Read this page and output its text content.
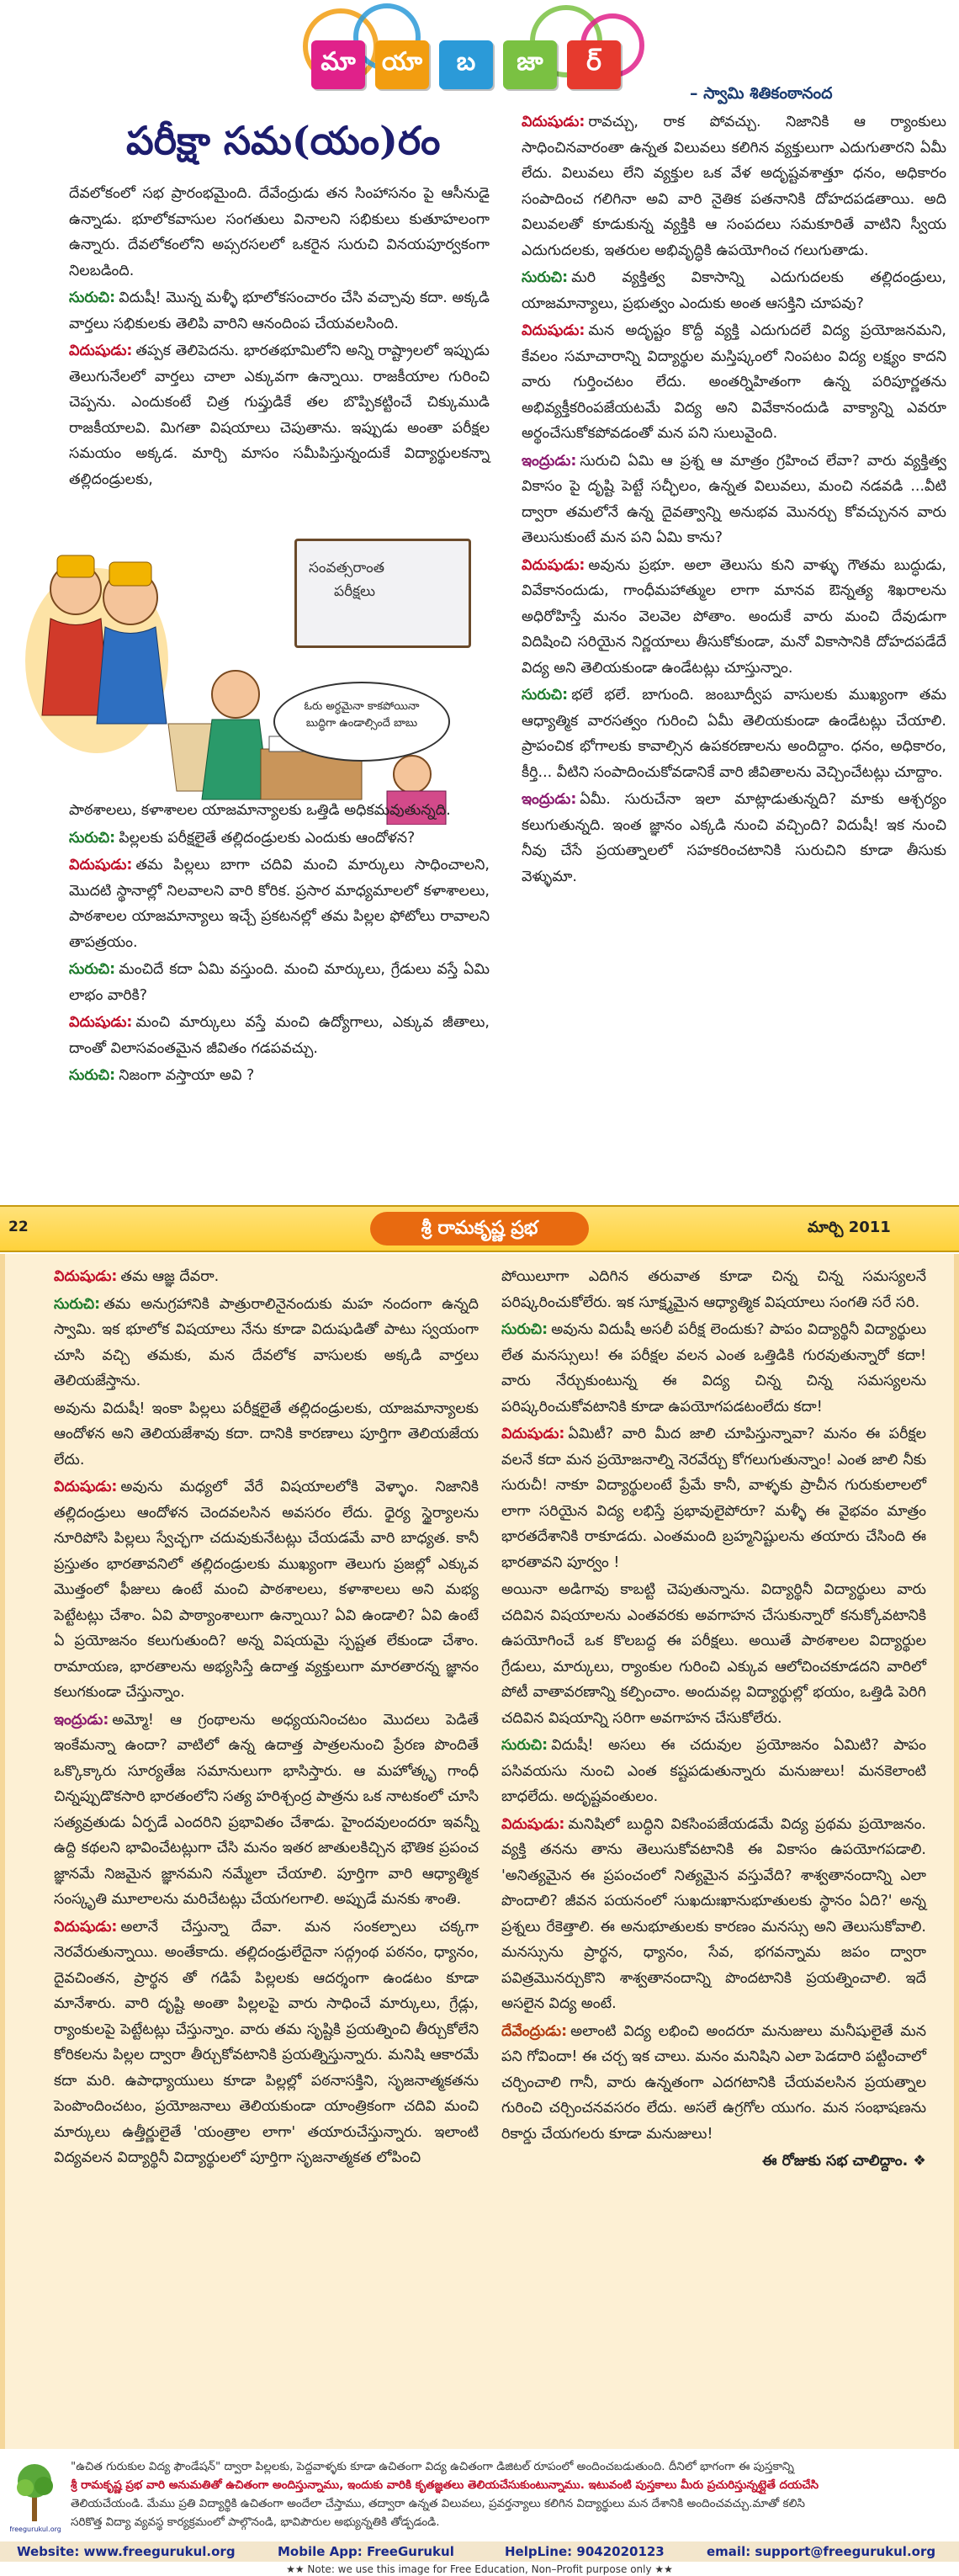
మా	యా	బ	జా	ర్
– స్వామి శితికంఠానంద
పరీక్షా సమ(యం)రం

దేవలోకంలో సభ ప్రారంభమైంది. దేవేంద్రుడు తన సింహాసనం పై ఆసీనుడై ఉన్నాడు. భూలోకవాసుల సంగతులు వినాలని సభికులు కుతూహలంగా ఉన్నారు. దేవలోకంలోని అప్సరసలలో ఒకరైన సురుచి వినయపూర్వకంగా నిలబడింది.

సురుచి: విదుషీ! మొన్న మళ్ళీ భూలోకసంచారం చేసి వచ్చావు కదా. అక్కడి వార్తలు సభికులకు తెలిపి వారిని ఆనందింప చేయవలసింది.

విదుషుడు: తప్పక తెలిపెదను. భారతభూమిలోని అన్ని రాష్ట్రాలలో ఇప్పుడు తెలుగునేలలో వార్తలు చాలా ఎక్కువగా ఉన్నాయి. రాజకీయాల గురించి చెప్పను. ఎందుకంటే చిత్ర గుప్తుడికే తల బొప్పికట్టించే చిక్కుముడి రాజకీయాలవి. మిగతా విషయాలు చెపుతాను. ఇప్పుడు అంతా పరీక్షల సమయం అక్కడ. మార్చి మాసం సమీపిస్తున్నందుకే విద్యార్థులకన్నా తల్లిదండ్రులకు,

సంవత్సరాంత
పరీక్షలు
ఓరు అర్ధమైనా కాకపోయినా బుద్ధిగా ఉండాల్సిందే బాబు

పాఠశాలలు, కళాశాలల యాజమాన్యాలకు ఒత్తిడి అధికమవుతున్నది.

సురుచి: పిల్లలకు పరీక్షలైతే తల్లిదండ్రులకు ఎందుకు ఆందోళన?

విదుషుడు: తమ పిల్లలు బాగా చదివి మంచి మార్కులు సాధించాలని, మొదటి స్థానాల్లో నిలవాలని వారి కోరిక. ప్రసార మాధ్యమాలలో కళాశాలలు, పాఠశాలల యాజమాన్యాలు ఇచ్చే ప్రకటనల్లో తమ పిల్లల ఫోటోలు రావాలని తాపత్రయం.

సురుచి: మంచిదే కదా ఏమి వస్తుంది. మంచి మార్కులు, గ్రేడులు వస్తే ఏమి లాభం వారికి?

విదుషుడు: మంచి మార్కులు వస్తే మంచి ఉద్యోగాలు, ఎక్కువ జీతాలు, దాంతో విలాసవంతమైన జీవితం గడపవచ్చు.

సురుచి: నిజంగా వస్తాయా అవి ?

విదుషుడు: రావచ్చు, రాక పోవచ్చు. నిజానికి ఆ ర్యాంకులు సాధించినవారంతా ఉన్నత విలువలు కలిగిన వ్యక్తులుగా ఎదుగుతారని ఏమీ లేదు. విలువలు లేని వ్యక్తుల ఒక వేళ అదృష్టవశాత్తూ ధనం, అధికారం సంపాదించ గలిగినా అవి వారి నైతిక పతనానికి దోహదపడతాయి. అది విలువలతో కూడుకున్న వ్యక్తికి ఆ సంపదలు సమకూరితే వాటిని స్వీయ ఎదుగుదలకు, ఇతరుల అభివృద్ధికి ఉపయోగించ గలుగుతాడు.

సురుచి: మరి వ్యక్తిత్వ వికాసాన్ని ఎదుగుదలకు తల్లిదండ్రులు, యాజమాన్యాలు, ప్రభుత్వం ఎందుకు అంత ఆసక్తిని చూపవు?

విదుషుడు: మన అదృష్టం కొద్దీ వ్యక్తి ఎదుగుదలే విద్య ప్రయోజనమని, కేవలం సమాచారాన్ని విద్యార్థుల మస్తిష్కంలో నింపటం విద్య లక్ష్యం కాదని వారు గుర్తించటం లేదు. అంతర్నిహితంగా ఉన్న పరిపూర్ణతను అభివ్యక్తీకరింపజేయటమే విద్య అని వివేకానందుడి వాక్యాన్ని ఎవరూ అర్థంచేసుకోకపోవడంతో మన పని సులువైంది.

ఇంద్రుడు: సురుచి ఏమి ఆ ప్రశ్న ఆ మాత్రం గ్రహించ లేవా? వారు వ్యక్తిత్వ వికాసం పై దృష్టి పెట్టే సచ్ఛీలం, ఉన్నత విలువలు, మంచి నడవడి ...వీటి ద్వారా తమలోనే ఉన్న దైవత్వాన్ని అనుభవ మొనర్చు కోవచ్చునన వారు తెలుసుకుంటే మన పని ఏమి కాను?

విదుషుడు: అవును ప్రభూ. అలా తెలుసు కుని వాళ్ళు గౌతమ బుద్ధుడు, వివేకానందుడు, గాంధీమహాత్ముల లాగా మానవ ఔన్నత్య శిఖరాలను అధిరోహిస్తే మనం వెలవెల పోతాం. అందుకే వారు మంచి దేవుడుగా విదిషించి సరియైన నిర్ణయాలు తీసుకోకుండా, మనో వికాసానికి దోహదపడేదే విద్య అని తెలియకుండా ఉండేటట్లు చూస్తున్నాం.

సురుచి: భలే భలే. బాగుంది. జంబూద్వీప వాసులకు ముఖ్యంగా తమ ఆధ్యాత్మిక వారసత్వం గురించి ఏమీ తెలియకుండా ఉండేటట్లు చేయాలి. ప్రాపంచిక భోగాలకు కావాల్సిన ఉపకరణాలను అందిద్దాం. ధనం, అధికారం, కీర్తి... వీటిని సంపాదించుకోవడానికే వారి జీవితాలను వెచ్చించేటట్లు చూద్దాం.

ఇంద్రుడు: ఏమీ. సురుచేనా ఇలా మాట్లాడుతున్నది? మాకు ఆశ్చర్యం కలుగుతున్నది. ఇంత జ్ఞానం ఎక్కడి నుంచి వచ్చింది? విదుషీ! ఇక నుంచి నీవు చేసే ప్రయత్నాలలో సహకరించటానికి సురుచిని కూడా తీసుకు వెళ్ళుమా.

22	శ్రీ రామకృష్ణ ప్రభ	మార్చి 2011

విదుషుడు: తమ ఆజ్ఞ దేవరా.

సురుచి: తమ అనుగ్రహానికి పాత్రురాలినైనందుకు మహ నందంగా ఉన్నది స్వామి. ఇక భూలోక విషయాలు నేను కూడా విదుషుడితో పాటు స్వయంగా చూసి వచ్చి తమకు, మన దేవలోక వాసులకు అక్కడి వార్తలు తెలియజేస్తాను.

అవును విదుషీ! ఇంకా పిల్లలు పరీక్షలైతే తల్లిదండ్రులకు, యాజమాన్యాలకు ఆందోళన అని తెలియజేశావు కదా. దానికి కారణాలు పూర్తిగా తెలియజేయ లేదు.

విదుషుడు: అవును మధ్యలో వేరే విషయాలలోకి వెళ్ళాం. నిజానికి తల్లిదండ్రులు ఆందోళన చెందవలసిన అవసరం లేదు. ధైర్య స్థైర్యాలను నూరిపోసి పిల్లలు స్వేచ్ఛగా చదువుకునేటట్లు చేయడమే వారి బాధ్యత. కానీ ప్రస్తుతం భారతావనిలో తల్లిదండ్రులకు ముఖ్యంగా తెలుగు ప్రజల్లో ఎక్కువ మొత్తంలో ఫీజులు ఉంటే మంచి పాఠశాలలు, కళాశాలలు అని మభ్య పెట్టేటట్లు చేశాం. ఏవి పాఠ్యాంశాలుగా ఉన్నాయి? ఏవి ఉండాలి? ఏవి ఉంటే ఏ ప్రయోజనం కలుగుతుంది? అన్న విషయమై స్పష్టత లేకుండా చేశాం. రామాయణ, భారతాలను అభ్యసిస్తే ఉదాత్త వ్యక్తులుగా మారతారన్న జ్ఞానం కలుగకుండా చేస్తున్నాం.

ఇంద్రుడు: అమ్మో! ఆ గ్రంథాలను అధ్యయనించటం మొదలు పెడితే ఇంకేమన్నా ఉందా? వాటిలో ఉన్న ఉదాత్త పాత్రలనుంచి ప్రేరణ పొందితే ఒక్కొక్కారు సూర్యతేజ సమానులుగా భాసిస్తారు. ఆ మహోత్కృ గాంధీ చిన్నప్పుడొకసారి భారతంలోని సత్య హరిశ్చంద్ర పాత్రను ఒక నాటకంలో చూసి సత్యవ్రతుడు ఏర్పడే ఎందరిని ప్రభావితం చేశాడు. హైందవులందరూ ఇవన్నీ ఉద్ది కథలని భావించేటట్లుగా చేసి మనం ఇతర జాతులకిచ్చిన భౌతిక ప్రపంచ జ్ఞానమే నిజమైన జ్ఞానమని నమ్మేలా చేయాలి. పూర్తిగా వారి ఆధ్యాత్మిక సంస్కృతి మూలాలను మరిచేటట్లు చేయగలగాలి. అప్పుడే మనకు శాంతి.

విదుషుడు: అలానే చేస్తున్నా దేవా. మన సంకల్పాలు చక్కగా నెరవేరుతున్నాయి. అంతేకాదు. తల్లిదండ్రులేదైనా సద్గ్రంథ పఠనం, ధ్యానం, దైవచింతన, ప్రార్థన తో గడిపే పిల్లలకు ఆదర్శంగా ఉండటం కూడా మానేశారు. వారి దృష్టి అంతా పిల్లలపై వారు సాధించే మార్కులు, గ్రేడ్లు, ర్యాంకులపై పెట్టేటట్లు చేస్తున్నాం. వారు తమ సృష్టికి ప్రయత్నించి తీర్చుకోలేని కోరికలను పిల్లల ద్వారా తీర్చుకోవటానికి ప్రయత్నిస్తున్నారు. మనిషి ఆకారమే కదా మరి. ఉపాధ్యాయులు కూడా పిల్లల్లో పఠనాసక్తిని, సృజనాత్మకతను పెంపొందించటం, ప్రయోజనాలు తెలియకుండా యాంత్రికంగా చదివి మంచి మార్కులు ఉత్తీర్ణులైతే 'యంత్రాల లాగా' తయారుచేస్తున్నారు. ఇలాంటి విద్యవలన విద్యార్థినీ విద్యార్థులలో పూర్తిగా సృజనాత్మకత లోపించి

పోయిలూగా ఎదిగిన తరువాత కూడా చిన్న చిన్న సమస్యలనే పరిష్కరించుకోలేరు. ఇక సూక్ష్మమైన ఆధ్యాత్మిక విషయాలు సంగతి సరే సరి.

సురుచి: అవును విదుషీ అసలీ పరీక్ష లెందుకు? పాపం విద్యార్థినీ విద్యార్థులు లేత మనస్సులు! ఈ పరీక్షల వలన ఎంత ఒత్తిడికి గురవుతున్నారో కదా! వారు నేర్చుకుంటున్న ఈ విద్య చిన్న చిన్న సమస్యలను పరిష్కరించుకోవటానికి కూడా ఉపయోగపడటంలేదు కదా!

విదుషుడు: ఏమిటీ? వారి మీద జాలి చూపిస్తున్నావా? మనం ఈ పరీక్షల వలనే కదా మన ప్రయోజనాల్ని నెరవేర్చు కోగలుగుతున్నాం! ఎంత జాలి నీకు సురుచీ! నాకూ విద్యార్థులంటే ప్రేమే కానీ, వాళ్ళకు ప్రాచీన గురుకులాలలో లాగా సరియైన విద్య లభిస్తే ప్రభావులైపోరూ? మళ్ళీ ఈ వైభవం మాత్రం భారతదేశానికి రాకూడదు. ఎంతమంది బ్రహ్మనిష్టులను తయారు చేసింది ఈ భారతావని పూర్వం !

అయినా అడిగావు కాబట్టి చెపుతున్నాను. విద్యార్థినీ విద్యార్థులు వారు చదివిన విషయాలను ఎంతవరకు అవగాహన చేసుకున్నారో కనుక్కోవటానికి ఉపయోగించే ఒక కొలబద్ద ఈ పరీక్షలు. అయితే పాఠశాలల విద్యార్థుల గ్రేడులు, మార్కులు, ర్యాంకుల గురించి ఎక్కువ ఆలోచించకూడదని వారిలో పోటీ వాతావరణాన్ని కల్పించాం. అందువల్ల విద్యార్థుల్లో భయం, ఒత్తిడి పెరిగి చదివిన విషయాన్ని సరిగా అవగాహన చేసుకోలేరు.

సురుచి: విదుషీ! అసలు ఈ చదువుల ప్రయోజనం ఏమిటి? పాపం పసివయసు నుంచి ఎంత కష్టపడుతున్నారు మనుజులు! మనకెలాంటి బాధలేదు. అదృష్టవంతులం.

విదుషుడు: మనిషిలో బుద్ధిని వికసింపజేయడమే విద్య ప్రథమ ప్రయోజనం. వ్యక్తి తనను తాను తెలుసుకోవటానికి ఈ వికాసం ఉపయోగపడాలి. 'అనిత్యమైన ఈ ప్రపంచంలో నిత్యమైన వస్తువేది? శాశ్వతానందాన్ని ఎలా పొందాలి? జీవన పయనంలో సుఖదుఃఖానుభూతులకు స్థానం ఏది?' అన్న ప్రశ్నలు రేకెత్తాలి. ఈ అనుభూతులకు కారణం మనస్సు అని తెలుసుకోవాలి. మనస్సును ప్రార్థన, ధ్యానం, సేవ, భగవన్నామ జపం ద్వారా పవిత్రమొనర్చుకొని శాశ్వతానందాన్ని పొందటానికి ప్రయత్నించాలి. ఇదే అసలైన విద్య అంటే.

దేవేంద్రుడు: అలాంటి విద్య లభించి అందరూ మనుజులు మనీషులైతే మన పని గోవిందా! ఈ చర్చ ఇక చాలు. మనం మనిషిని ఎలా పెడదారి పట్టించాలో చర్చించాలి గానీ, వారు ఉన్నతంగా ఎదగటానికి చేయవలసిన ప్రయత్నాల గురించి చర్చించనవసరం లేదు. అసలే ఉగ్రగోల యుగం. మన సంభాషణను రికార్డు చేయగలరు కూడా మనుజులు!

ఈ రోజుకు సభ చాలిద్దాం. ❖

freegurukul.org
"ఉచిత గురుకుల విద్య ఫౌండేషన్" ద్వారా పిల్లలకు, పెద్దవాళ్ళకు కూడా ఉచితంగా విద్య ఉచితంగా డిజిటల్ రూపంలో అందించబడుతుంది. దీనిలో భాగంగా ఈ పుస్తకాన్ని
శ్రీ రామకృష్ణ ప్రభ వారి అనుమతితో ఉచితంగా అందిస్తున్నాము, ఇందుకు వారికి కృతజ్ఞతలు తెలియచేసుకుంటున్నాము. ఇటువంటి పుస్తకాలు మీరు ప్రచురిస్తున్నట్లైతే దయచేసి
తెలియచేయండి. మేము ప్రతి విద్యార్థికి ఉచితంగా అందేలా చేస్తాము, తద్వారా ఉన్నత విలువలు, ప్రవర్తన్యాలు కలిగిన విద్యార్థులు మన దేశానికి అందించవచ్చు.మాతో కలిసి
సరికొత్త విద్యా వ్యవస్థ కార్యక్రమంలో పాల్గొనండి, భావిపౌరుల అభ్యున్నతికి తోడ్పడండి.
Website: www.freegurukul.org	Mobile App: FreeGurukul	HelpLine: 9042020123	email: support@freegurukul.org
★★ Note: we use this image for Free Education, Non–Profit purpose only ★★
